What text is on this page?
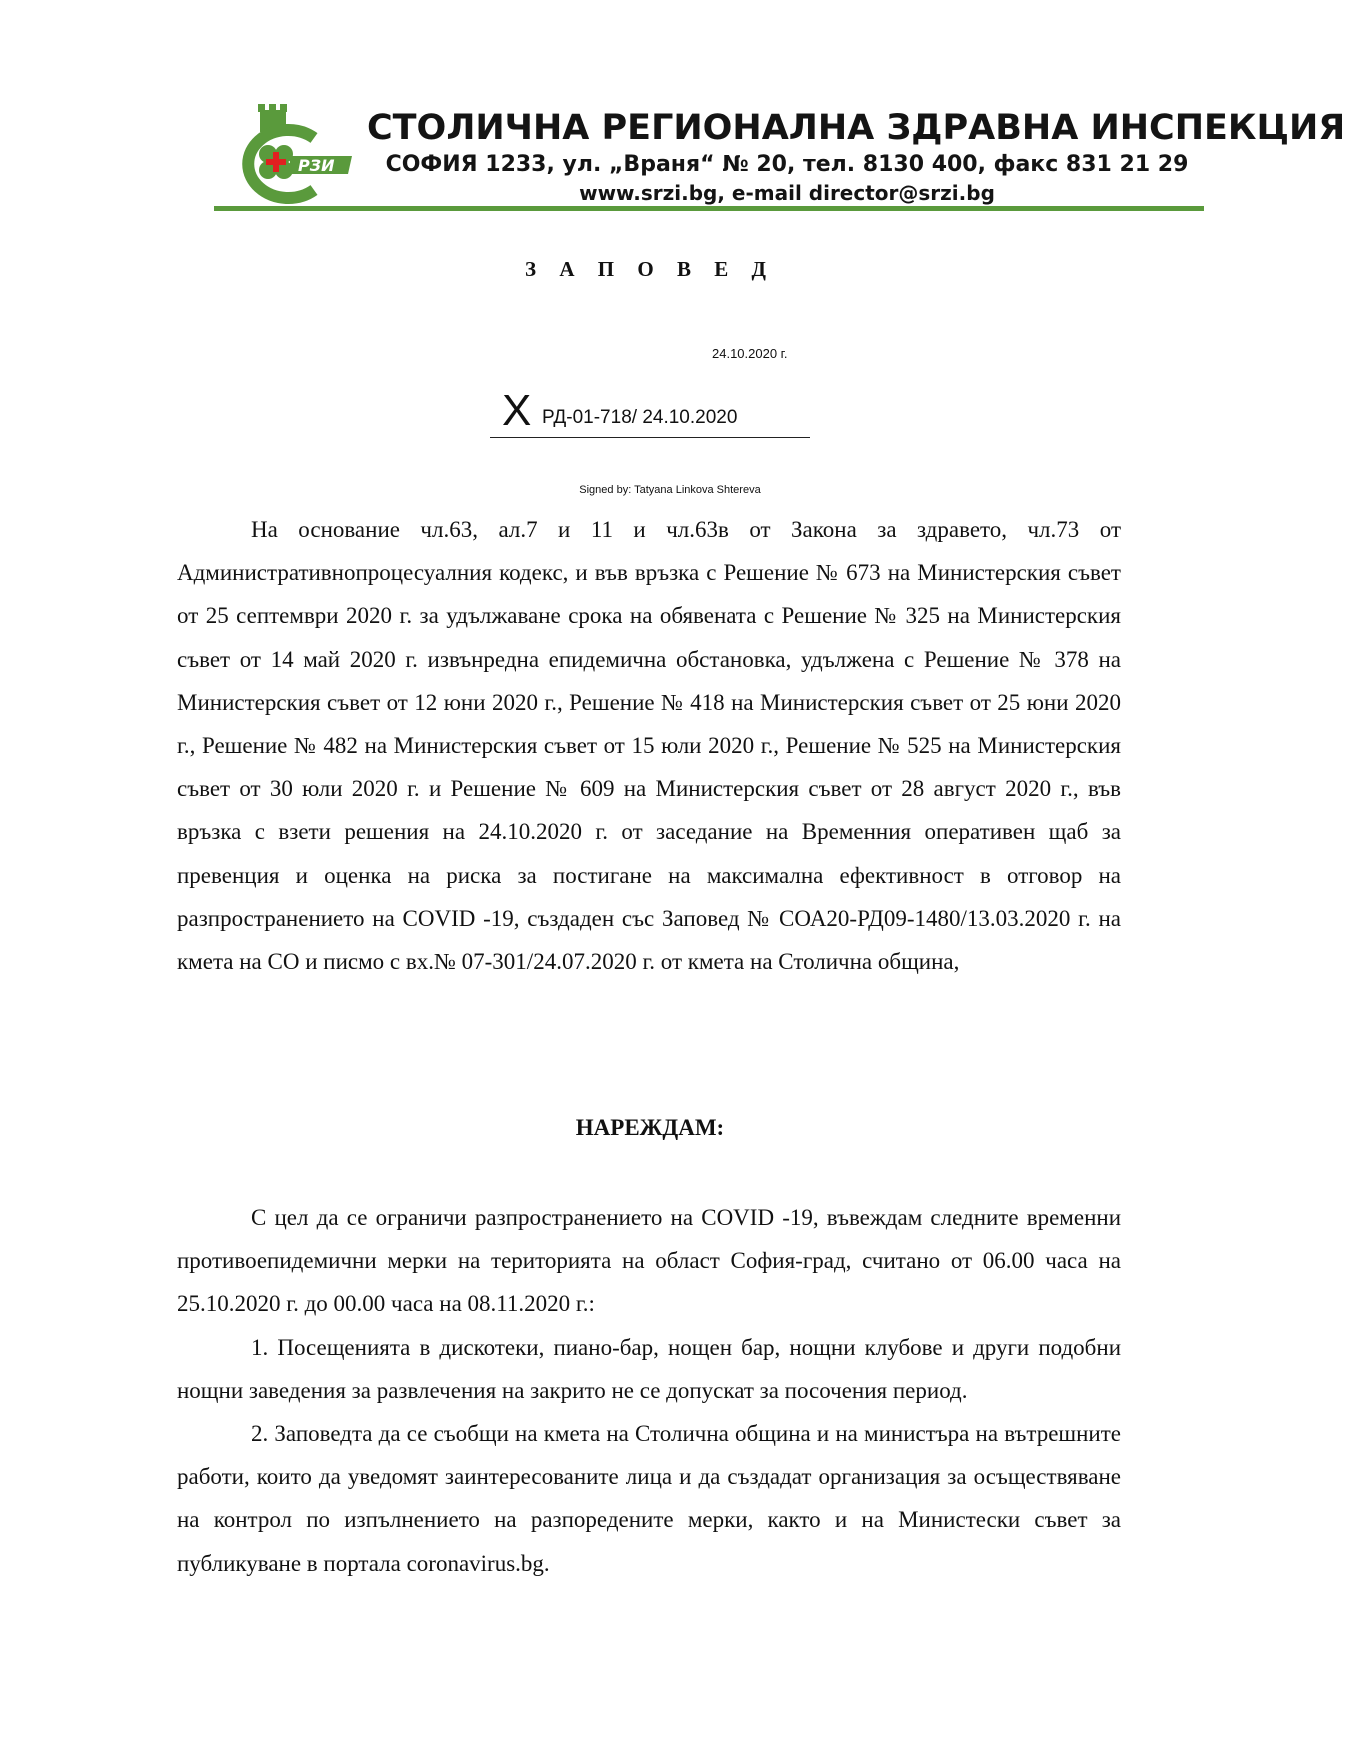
РЗИ
СТОЛИЧНА РЕГИОНАЛНА ЗДРАВНА ИНСПЕКЦИЯ
СОФИЯ 1233, ул. „Враня“ № 20, тел. 8130 400, факс 831 21 29
www.srzi.bg, e-mail director@srzi.bg
З А П О В Е Д
24.10.2020 г.
X РД-01-718/ 24.10.2020
Signed by: Tatyana Linkova Shtereva

На основание чл.63, ал.7 и 11 и чл.63в от Закона за здравето, чл.73 от Административнопроцесуалния кодекс, и във връзка с Решение № 673 на Министерския съвет от 25 септември 2020 г. за удължаване срока на обявената с Решение № 325 на Министерския съвет от 14 май 2020 г. извънредна епидемична обстановка, удължена с Решение № 378 на Министерския съвет от 12 юни 2020 г., Решение № 418 на Министерския съвет от 25 юни 2020 г., Решение № 482 на Министерския съвет от 15 юли 2020 г., Решение № 525 на Министерския съвет от 30 юли 2020 г. и Решение № 609 на Министерския съвет от 28 август 2020 г., във връзка с взети решения на 24.10.2020 г. от заседание на Временния оперативен щаб за превенция и оценка на риска за постигане на максимална ефективност в отговор на разпространението на COVID -19, създаден със Заповед № СОА20-РД09-1480/13.03.2020 г. на кмета на СО и писмо с вх.№ 07-301/24.07.2020 г. от кмета на Столична община,

НАРЕЖДАМ:

С цел да се ограничи разпространението на COVID -19, въвеждам следните временни противоепидемични мерки на територията на област София-град, считано от 06.00 часа на 25.10.2020 г. до 00.00 часа на 08.11.2020 г.:

1. Посещенията в дискотеки, пиано-бар, нощен бар, нощни клубове и други подобни нощни заведения за развлечения на закрито не се допускат за посочения период.

2. Заповедта да се съобщи на кмета на Столична община и на министъра на вътрешните работи, които да уведомят заинтересованите лица и да създадат организация за осъществяване на контрол по изпълнението на разпоредените мерки, както и на Министески съвет за публикуване в портала coronavirus.bg.
